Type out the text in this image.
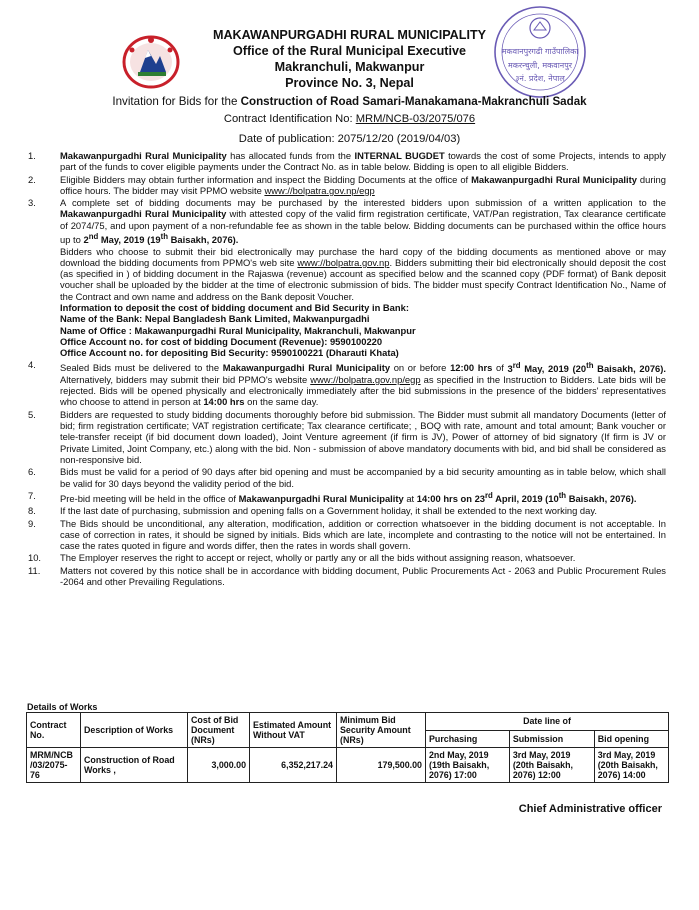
मकवानपुरगढी गाउँपालिका
मकरन्चुली, मकवानपुर
३नं. प्रदेश, नेपाल
MAKAWANPURGADHI RURAL MUNICIPALITY
Office of the Rural Municipal Executive
Makranchuli, Makwanpur
Province No. 3, Nepal
Invitation for Bids for the Construction of Road Samari-Manakamana-Makranchuli Sadak
Contract Identification No: MRM/NCB-03/2075/076
Date of publication: 2075/12/20 (2019/04/03)
1.	Makawanpurgadhi Rural Municipality has allocated funds from the INTERNAL BUGDET towards the cost of some Projects, intends to apply part of the funds to cover eligible payments under the Contract No. as in table below. Bidding is open to all eligible Bidders.
2.	Eligible Bidders may obtain further information and inspect the Bidding Documents at the office of Makawanpurgadhi Rural Municipality during office hours. The bidder may visit PPMO website www://bolpatra.gov.np/egp
3.	A complete set of bidding documents may be purchased by the interested bidders upon submission of a written application to the Makawanpurgadhi Rural Municipality with attested copy of the valid firm registration certificate, VAT/Pan registration, Tax clearance certificate of 2074/75, and upon payment of a non-refundable fee as shown in the table below. Bidding documents can be purchased within the office hours up to 2nd May, 2019 (19th Baisakh, 2076).
Bidders who choose to submit their bid electronically may purchase the hard copy of the bidding documents as mentioned above or may download the bidding documents from PPMO's web site www://bolpatra.gov.np. Bidders submitting their bid electronically should deposit the cost (as specified in ) of bidding document in the Rajaswa (revenue) account as specified below and the scanned copy (PDF format) of Bank deposit voucher shall be uploaded by the bidder at the time of electronic submission of bids. The bidder must specify Contract Identification No., Name of the Contract and own name and address on the Bank deposit Voucher.
Information to deposit the cost of bidding document and Bid Security in Bank:
Name of the Bank: Nepal Bangladesh Bank Limited, Makwanpurgadhi
Name of Office : Makawanpurgadhi Rural Municipality, Makranchuli, Makwanpur
Office Account no. for cost of bidding Document (Revenue): 9590100220
Office Account no. for depositing Bid Security: 9590100221 (Dharauti Khata)
4.	Sealed Bids must be delivered to the Makawanpurgadhi Rural Municipality on or before 12:00 hrs of 3rd May, 2019 (20th Baisakh, 2076). Alternatively, bidders may submit their bid PPMO's website www://bolpatra.gov.np/egp as specified in the Instruction to Bidders. Late bids will be rejected. Bids will be opened physically and electronically immediately after the bid submissions in the presence of the bidders' representatives who choose to attend in person at 14:00 hrs on the same day.
5.	Bidders are requested to study bidding documents thoroughly before bid submission. The Bidder must submit all mandatory Documents (letter of bid; firm registration certificate; VAT registration certificate; Tax clearance certificate; , BOQ with rate, amount and total amount; Bank voucher or tele-transfer receipt (if bid document down loaded), Joint Venture agreement (if firm is JV), Power of attorney of bid signatory (If firm is JV or Private Limited, Joint Company, etc.) along with the bid. Non - submission of above mandatory documents with bid, and bid shall be considered as non-responsive bid.
6.	Bids must be valid for a period of 90 days after bid opening and must be accompanied by a bid security amounting as in table below, which shall be valid for 30 days beyond the validity period of the bid.
7.	Pre-bid meeting will be held in the office of Makawanpurgadhi Rural Municipality at 14:00 hrs on 23rd April, 2019 (10th Baisakh, 2076).
8.	If the last date of purchasing, submission and opening falls on a Government holiday, it shall be extended to the next working day.
9.	The Bids should be unconditional, any alteration, modification, addition or correction whatsoever in the bidding document is not acceptable. In case of correction in rates, it should be signed by initials. Bids which are late, incomplete and contrasting to the notice will not be entertained. In case the rates quoted in figure and words differ, then the rates in words shall govern.
10.	The Employer reserves the right to accept or reject, wholly or partly any or all the bids without assigning reason, whatsoever.
11.	Matters not covered by this notice shall be in accordance with bidding document, Public Procurements Act - 2063 and Public Procurement Rules -2064 and other Prevailing Regulations.
Details of Works
Contract No.	Description of Works	Cost of Bid Document (NRs)	Estimated Amount Without VAT	Minimum Bid Security Amount (NRs)	Date line of		
					Purchasing	Submission	Bid opening
MRM/NCB /03/2075-76	Construction of Road Works ,	3,000.00	6,352,217.24	179,500.00	2nd May, 2019 (19th Baisakh, 2076) 17:00	3rd May, 2019 (20th Baisakh, 2076) 12:00	3rd May, 2019 (20th Baisakh, 2076) 14:00
Chief Administrative officer
